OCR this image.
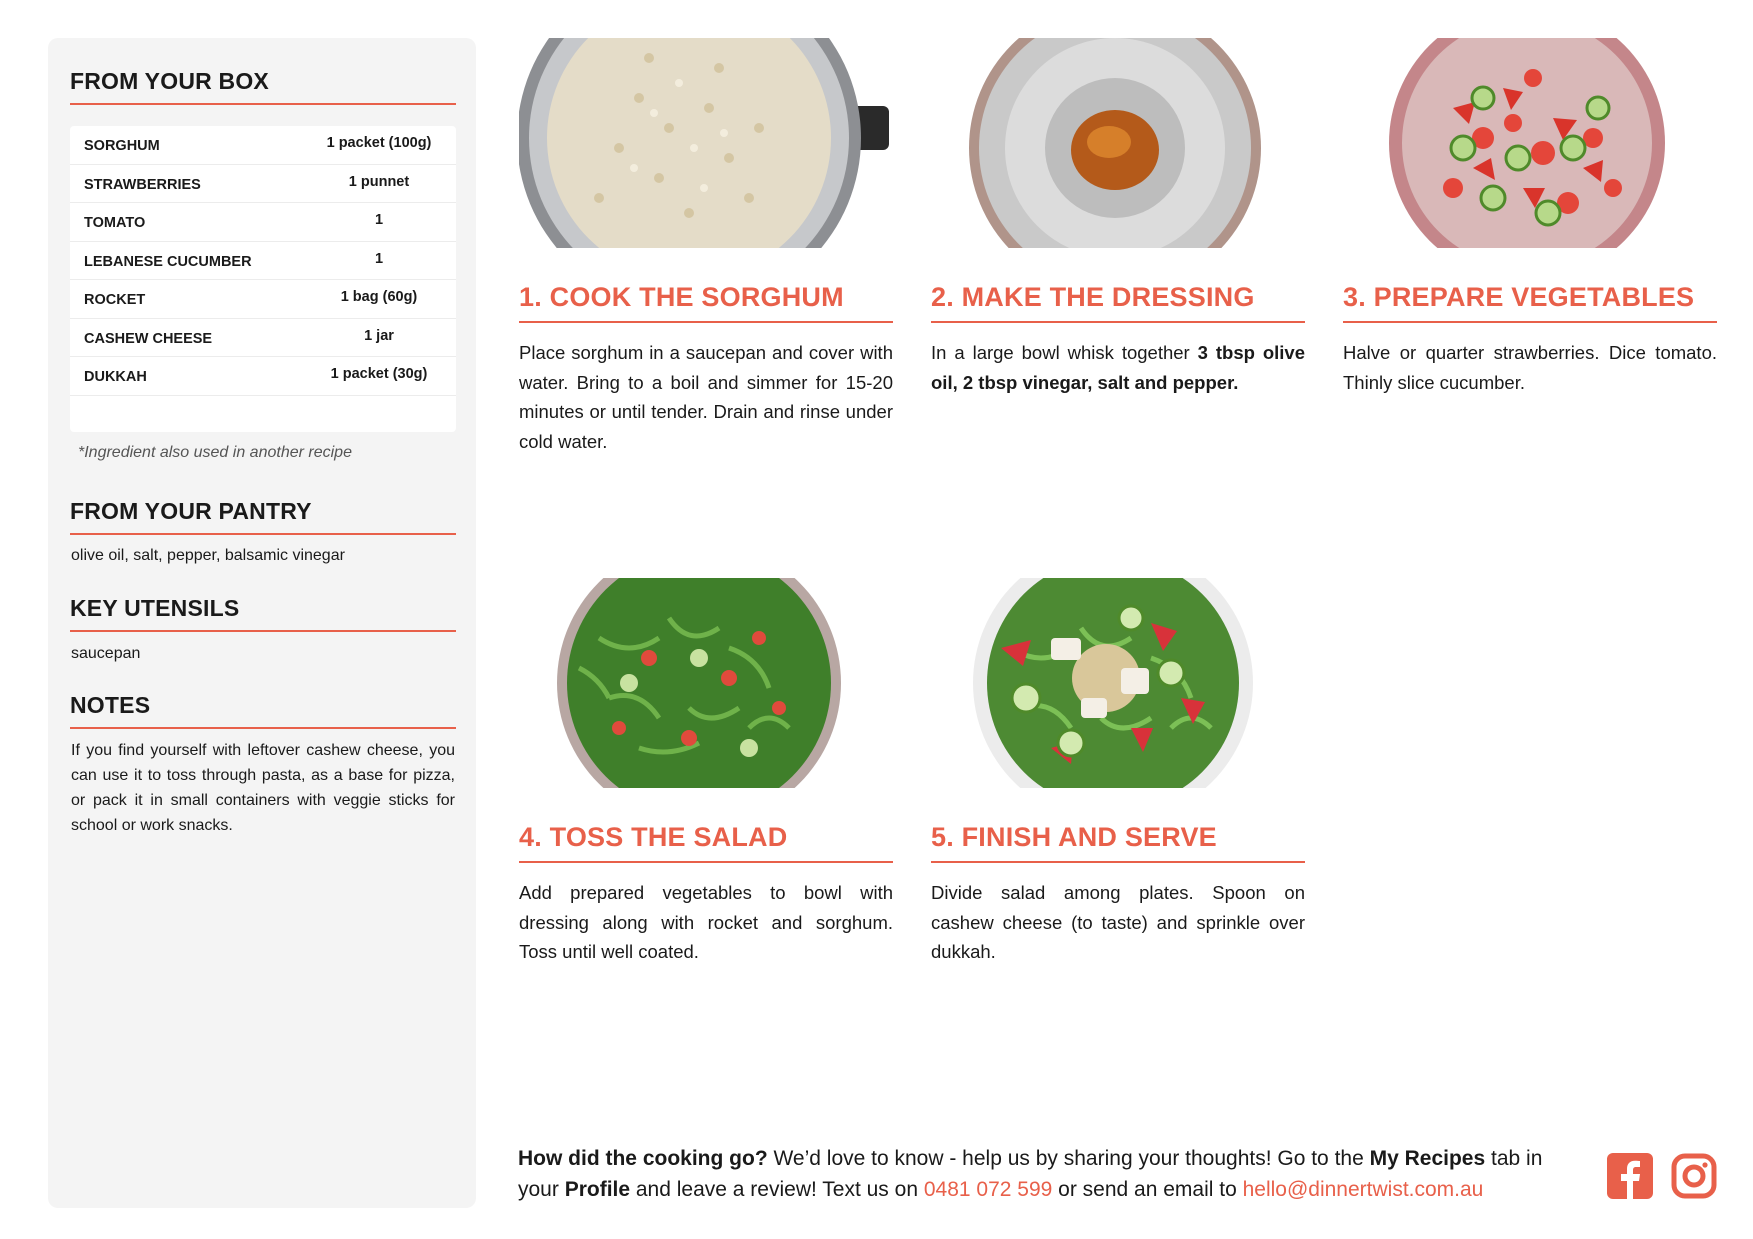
FROM YOUR BOX
SORGHUM	1 packet (100g)
STRAWBERRIES	1 punnet
TOMATO	1
LEBANESE CUCUMBER	1
ROCKET	1 bag (60g)
CASHEW CHEESE	1 jar
DUKKAH	1 packet (30g)
*Ingredient also used in another recipe
FROM YOUR PANTRY
olive oil, salt, pepper, balsamic vinegar
KEY UTENSILS
saucepan
NOTES
If you find yourself with leftover cashew cheese, you can use it to toss through pasta, as a base for pizza, or pack it in small containers with veggie sticks for school or work snacks.
1. COOK THE SORGHUM
Place sorghum in a saucepan and cover with water. Bring to a boil and simmer for 15-20 minutes or until tender. Drain and rinse under cold water.
2. MAKE THE DRESSING
In a large bowl whisk together 3 tbsp olive oil, 2 tbsp vinegar, salt and pepper.
3. PREPARE VEGETABLES
Halve or quarter strawberries. Dice tomato. Thinly slice cucumber.
4. TOSS THE SALAD
Add prepared vegetables to bowl with dressing along with rocket and sorghum. Toss until well coated.
5. FINISH AND SERVE
Divide salad among plates. Spoon on cashew cheese (to taste) and sprinkle over dukkah.
How did the cooking go? We’d love to know - help us by sharing your thoughts! Go to the My Recipes tab in your Profile and leave a review! Text us on 0481 072 599 or send an email to hello@dinnertwist.com.au
